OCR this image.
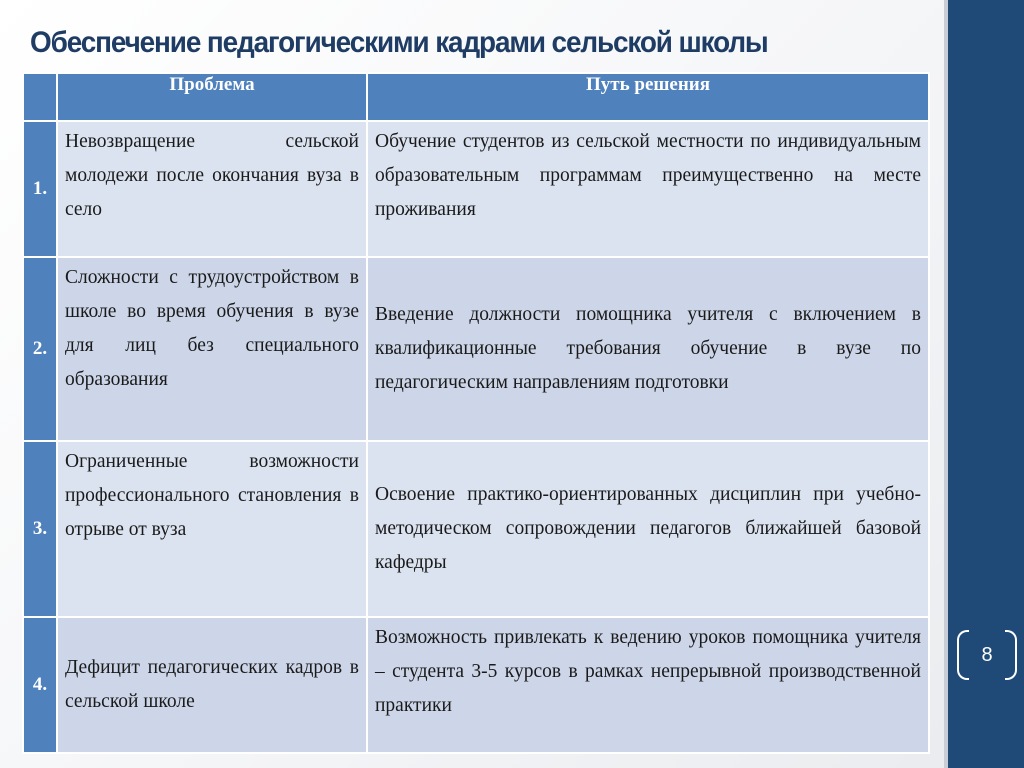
Обеспечение педагогическими кадрами сельской школы
	Проблема	Путь решения
1.	Невозвращение сельской молодежи после окончания вуза в село	Обучение студентов из сельской местности по индивидуальным образовательным программам преимущественно на месте проживания
2.	Сложности с трудоустройством в школе во время обучения в вузе для лиц без специального образования	Введение должности помощника учителя с включением в квалификационные требования обучение в вузе по педагогическим направлениям подготовки
3.	Ограниченные возможности профессионального становления в отрыве от вуза	Освоение практико-ориентированных дисциплин при учебно-методическом сопровождении педагогов ближайшей базовой кафедры
4.	Дефицит педагогических кадров в сельской школе	Возможность привлекать к ведению уроков помощника учителя – студента 3-5 курсов в рамках непрерывной производственной практики
8
